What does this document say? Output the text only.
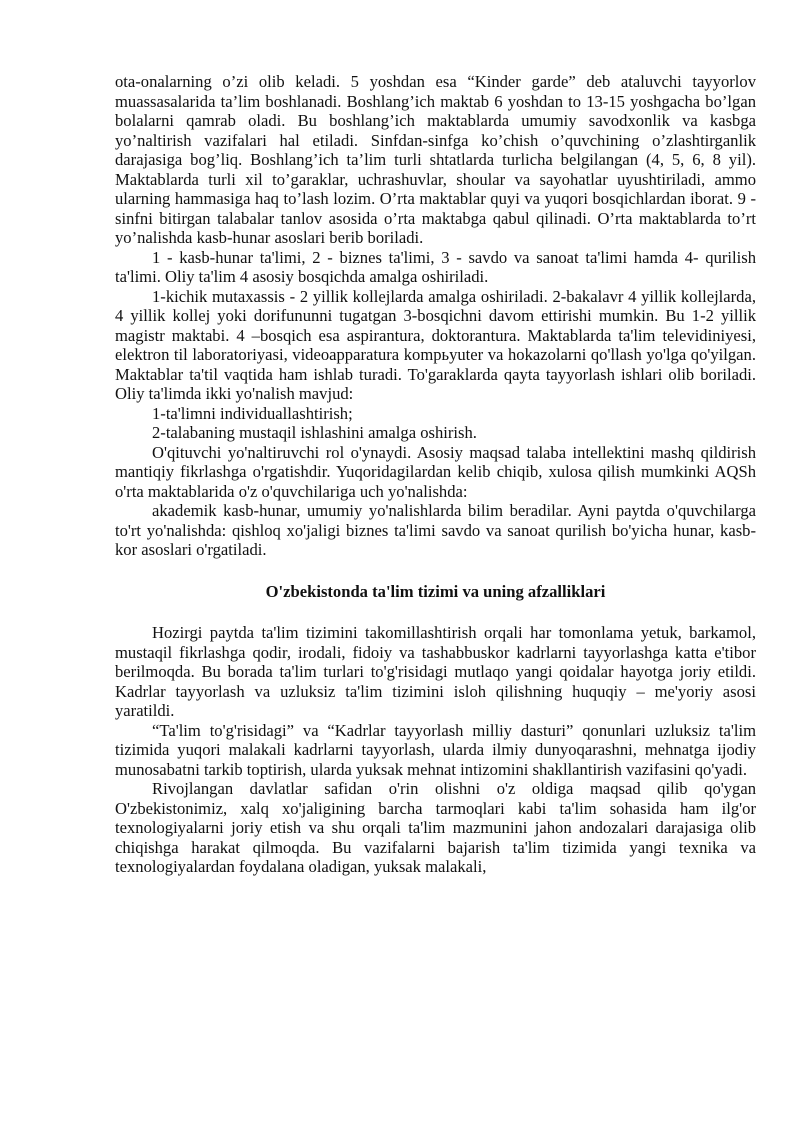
ota-onalarning o’zi olib keladi. 5 yoshdan esa “Kinder garde” deb ataluvchi tayyorlov muassasalarida ta’lim boshlanadi. Boshlang’ich maktab 6 yoshdan to 13-15 yoshgacha bo’lgan bolalarni qamrab oladi. Bu boshlang’ich maktablarda umumiy savodxonlik va kasbga yo’naltirish vazifalari hal etiladi. Sinfdan-sinfga ko’chish o’quvchining o’zlashtirganlik darajasiga bog’liq. Boshlang’ich ta’lim turli shtatlarda turlicha belgilangan (4, 5, 6, 8 yil). Maktablarda turli xil to’garaklar, uchrashuvlar, shoular va sayohatlar uyushtiriladi, ammo ularning hammasiga haq to’lash lozim. O’rta maktablar quyi va yuqori bosqichlardan iborat. 9 - sinfni bitirgan talabalar tanlov asosida o’rta maktabga qabul qilinadi. O’rta maktablarda to’rt yo’nalishda kasb-hunar asoslari berib boriladi.

1 - kasb-hunar ta'limi, 2 - biznes ta'limi, 3 - savdo va sanoat ta'limi hamda 4- qurilish ta'limi. Oliy ta'lim 4 asosiy bosqichda amalga oshiriladi.

1-kichik mutaxassis - 2 yillik kollejlarda amalga oshiriladi. 2-bakalavr 4 yillik kollejlarda, 4 yillik kollej yoki dorifununni tugatgan 3-bosqichni davom ettirishi mumkin. Bu 1-2 yillik magistr maktabi. 4 –bosqich esa aspirantura, doktorantura. Maktablarda ta'lim televidiniyesi, elektron til laboratoriyasi, videoapparatura kompьyuter va hokazolarni qo'llash yo'lga qo'yilgan. Maktablar ta'til vaqtida ham ishlab turadi. To'garaklarda qayta tayyorlash ishlari olib boriladi. Oliy ta'limda ikki yo'nalish mavjud:

1-ta'limni individuallashtirish;

2-talabaning mustaqil ishlashini amalga oshirish.

O'qituvchi yo'naltiruvchi rol o'ynaydi. Asosiy maqsad talaba intellektini mashq qildirish mantiqiy fikrlashga o'rgatishdir. Yuqoridagilardan kelib chiqib, xulosa qilish mumkinki AQSh o'rta maktablarida o'z o'quvchilariga uch yo'nalishda:

akademik kasb-hunar, umumiy yo'nalishlarda bilim beradilar. Ayni paytda o'quvchilarga to'rt yo'nalishda: qishloq xo'jaligi biznes ta'limi savdo va sanoat qurilish bo'yicha hunar, kasb-kor asoslari o'rgatiladi.

O'zbekistonda ta'lim tizimi va uning afzalliklari

Hozirgi paytda ta'lim tizimini takomillashtirish orqali har tomonlama yetuk, barkamol, mustaqil fikrlashga qodir, irodali, fidoiy va tashabbuskor kadrlarni tayyorlashga katta e'tibor berilmoqda. Bu borada ta'lim turlari to'g'risidagi mutlaqo yangi qoidalar hayotga joriy etildi. Kadrlar tayyorlash va uzluksiz ta'lim tizimini isloh qilishning huquqiy – me'yoriy asosi yaratildi.

“Ta'lim to'g'risidagi” va “Kadrlar tayyorlash milliy dasturi” qonunlari uzluksiz ta'lim tizimida yuqori malakali kadrlarni tayyorlash, ularda ilmiy dunyoqarashni, mehnatga ijodiy munosabatni tarkib toptirish, ularda yuksak mehnat intizomini shakllantirish vazifasini qo'yadi.

Rivojlangan davlatlar safidan o'rin olishni o'z oldiga maqsad qilib qo'ygan O'zbekistonimiz, xalq xo'jaligining barcha tarmoqlari kabi ta'lim sohasida ham ilg'or texnologiyalarni joriy etish va shu orqali ta'lim mazmunini jahon andozalari darajasiga olib chiqishga harakat qilmoqda. Bu vazifalarni bajarish ta'lim tizimida yangi texnika va texnologiyalardan foydalana oladigan, yuksak malakali,
